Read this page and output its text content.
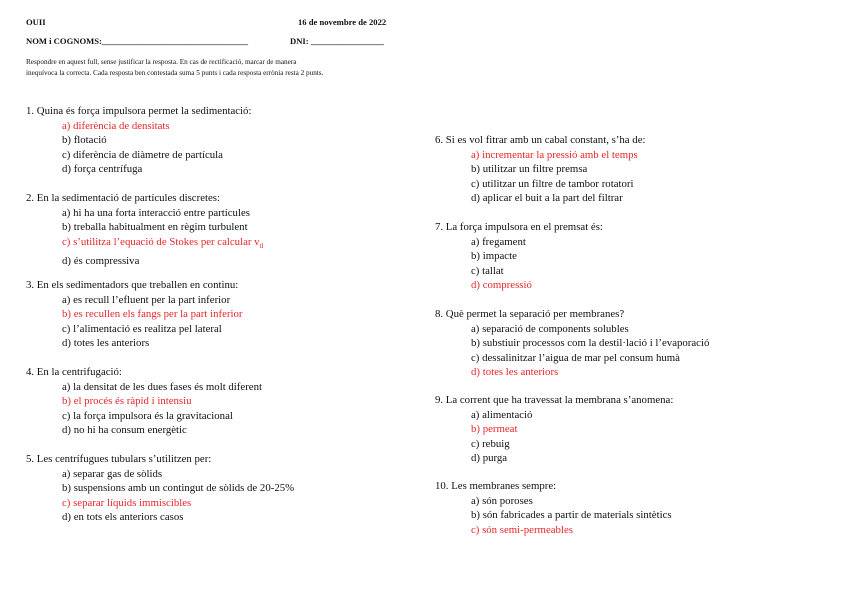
OUII	16 de novembre de 2022
NOM i COGNOMS:__________________________________	DNI: _________________
Respondre en aquest full, sense justificar la resposta. En cas de rectificació, marcar de manera
inequívoca la correcta. Cada resposta ben contestada suma 5 punts i cada resposta errònia resta 2 punts.
1. Quina és força impulsora permet la sedimentació:
a) diferència de densitats
b) flotació
c) diferència de diàmetre de partícula
d) força centrífuga
2. En la sedimentació de partícules discretes:
a) hi ha una forta interacció entre partícules
b) treballa habitualment en règim turbulent
c) s’utilitza l’equació de Stokes per calcular $v_{tl}$
d) és compressiva
3. En els sedimentadors que treballen en continu:
a) es recull l’efluent per la part inferior
b) es recullen els fangs per la part inferior
c) l’alimentació es realitza pel lateral
d) totes les anteriors
4. En la centrifugació:
a) la densitat de les dues fases és molt diferent
b) el procés és ràpid i intensiu
c) la força impulsora és la gravitacional
d) no hi ha consum energètic
5. Les centrífugues tubulars s’utilitzen per:
a) separar gas de sòlids
b) suspensions amb un contingut de sòlids de 20-25%
c) separar líquids immiscibles
d) en tots els anteriors casos
6. Si es vol fitrar amb un cabal constant, s’ha de:
a) incrementar la pressió amb el temps
b) utilitzar un filtre premsa
c) utilitzar un filtre de tambor rotatori
d) aplicar el buit a la part del filtrar
7. La força impulsora en el premsat és:
a) fregament
b) impacte
c) tallat
d) compressió
8. Què permet la separació per membranes?
a) separació de components solubles
b) substiuir processos com la destil·lació i l’evaporació
c) dessalinitzar l’aigua de mar pel consum humà
d) totes les anteriors
9. La corrent que ha travessat la membrana s’anomena:
a) alimentació
b) permeat
c) rebuig
d) purga
10. Les membranes sempre:
a) són poroses
b) són fabricades a partir de materials sintètics
c) són semi-permeables
